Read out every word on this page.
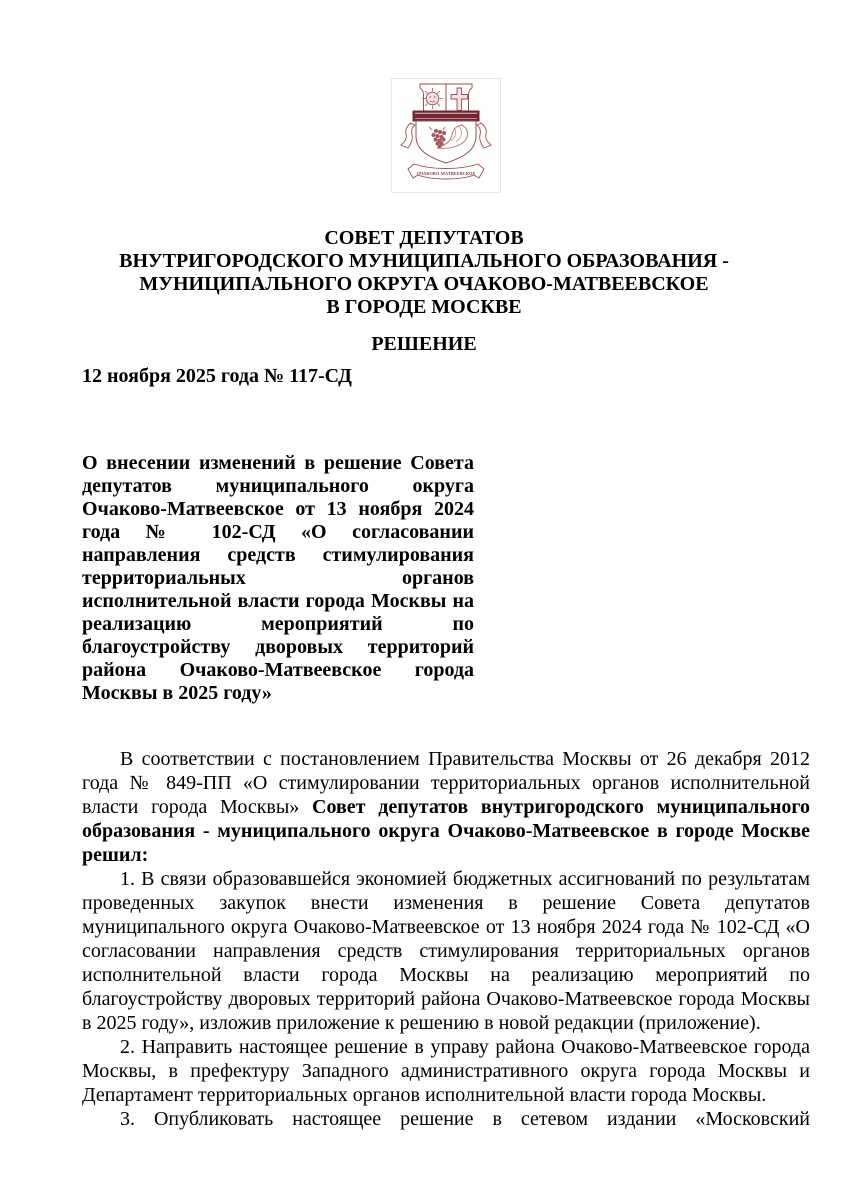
ОЧАКОВО-МАТВЕЕВСКОЕ
СОВЕТ ДЕПУТАТОВ
ВНУТРИГОРОДСКОГО МУНИЦИПАЛЬНОГО ОБРАЗОВАНИЯ -
МУНИЦИПАЛЬНОГО ОКРУГА ОЧАКОВО-МАТВЕЕВСКОЕ
В ГОРОДЕ МОСКВЕ
РЕШЕНИЕ
12 ноября 2025 года № 117-СД
О внесении изменений в решение Совета депутатов муниципального округа Очаково-Матвеевское от 13 ноября 2024 года № 102-СД «О согласовании направления средств стимулирования территориальных органов исполнительной власти города Москвы на реализацию мероприятий по благоустройству дворовых территорий района Очаково-Матвеевское города Москвы в 2025 году»

В соответствии с постановлением Правительства Москвы от 26 декабря 2012 года № 849-ПП «О стимулировании территориальных органов исполнительной власти города Москвы» Совет депутатов внутригородского муниципального образования - муниципального округа Очаково-Матвеевское в городе Москве решил:

1. В связи образовавшейся экономией бюджетных ассигнований по результатам проведенных закупок внести изменения в решение Совета депутатов муниципального округа Очаково-Матвеевское от 13 ноября 2024 года № 102-СД «О согласовании направления средств стимулирования территориальных органов исполнительной власти города Москвы на реализацию мероприятий по благоустройству дворовых территорий района Очаково-Матвеевское города Москвы в 2025 году», изложив приложение к решению в новой редакции (приложение).

2. Направить настоящее решение в управу района Очаково-Матвеевское города Москвы, в префектуру Западного административного округа города Москвы и Департамент территориальных органов исполнительной власти города Москвы.

3. Опубликовать настоящее решение в сетевом издании «Московский
